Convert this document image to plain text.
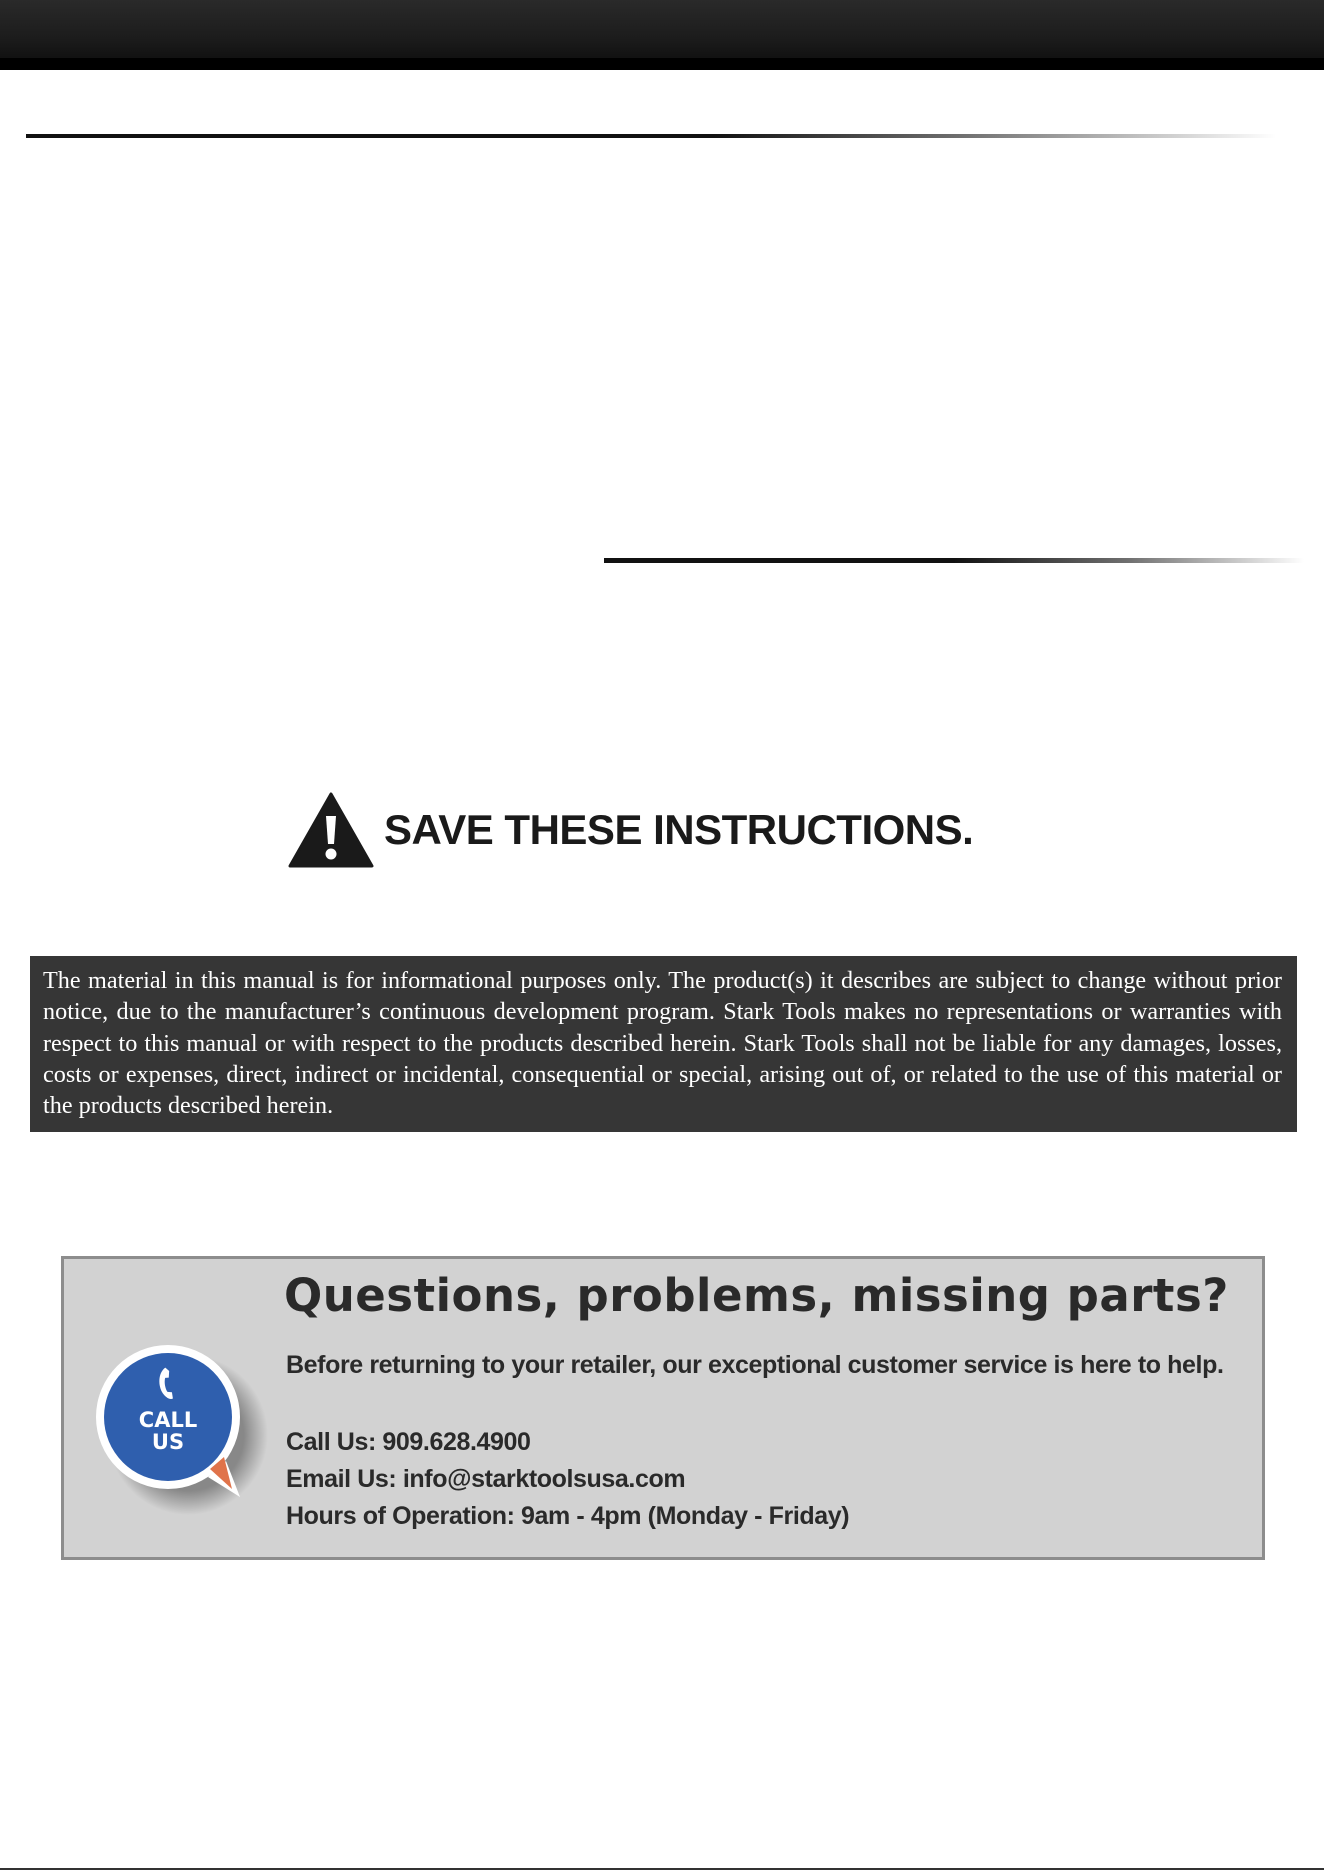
SAVE THESE INSTRUCTIONS.
The material in this manual is for informational purposes only. The product(s) it describes are subject to change without prior notice, due to the manufacturer’s continuous development program. Stark Tools makes no representations or warranties with respect to this manual or with respect to the products described herein. Stark Tools shall not be liable for any damages, losses, costs or expenses, direct, indirect or incidental, consequential or special, arising out of, or related to the use of this material or the products described herein.
CALL
US
Questions, problems, missing parts?
Before returning to your retailer, our exceptional customer service is here to help.
Call Us: 909.628.4900
Email Us: info@starktoolsusa.com
Hours of Operation: 9am - 4pm (Monday - Friday)
